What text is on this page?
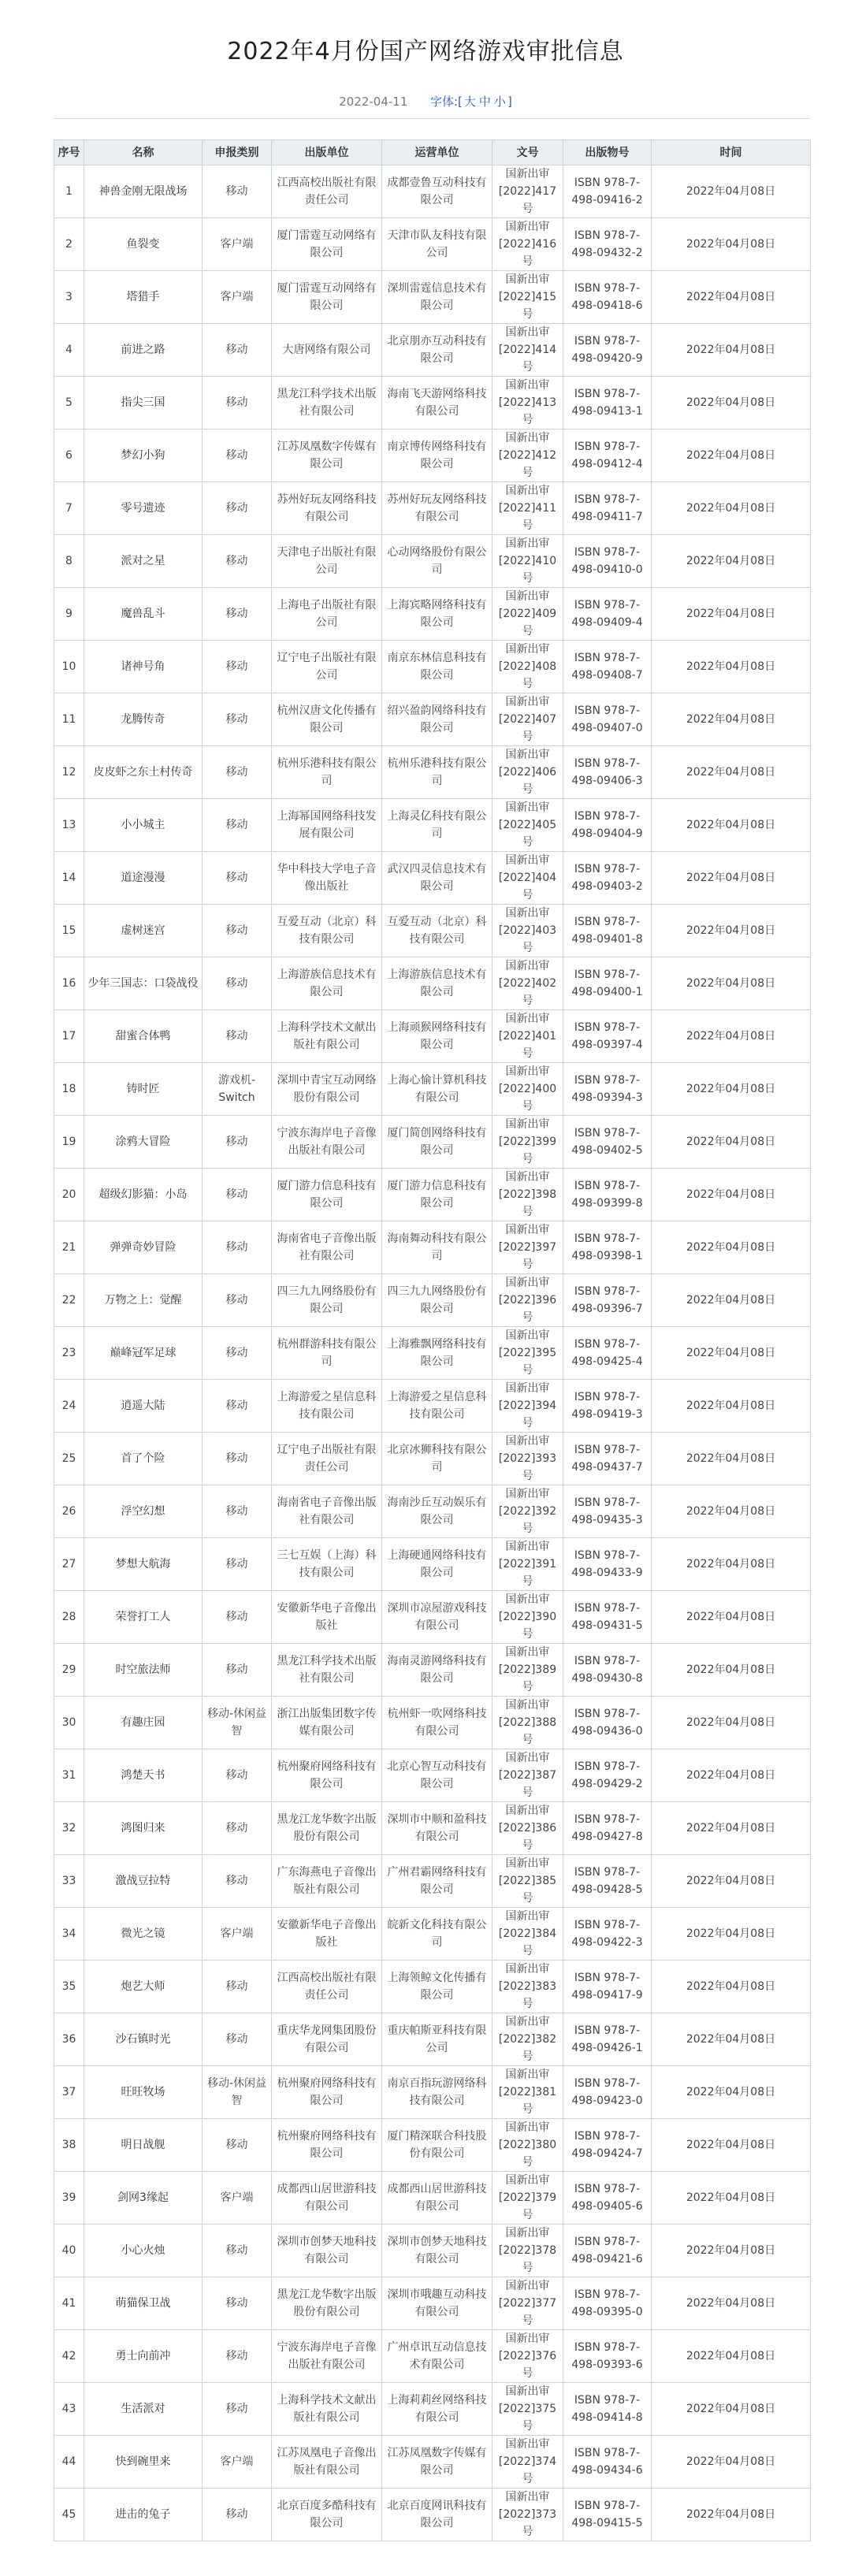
2022年4月份国产网络游戏审批信息
2022-04-11 字体:[ 大 中 小 ]
序号	名称	申报类别	出版单位	运营单位	文号	出版物号	时间
1	神兽金刚无限战场	移动	江西高校出版社有限责任公司	成都壹鲁互动科技有限公司	国新出审[2022]417号	ISBN 978-7-498-09416-2	2022年04月08日
2	鱼裂变	客户端	厦门雷霆互动网络有限公司	天津市队友科技有限公司	国新出审[2022]416号	ISBN 978-7-498-09432-2	2022年04月08日
3	塔猎手	客户端	厦门雷霆互动网络有限公司	深圳雷霆信息技术有限公司	国新出审[2022]415号	ISBN 978-7-498-09418-6	2022年04月08日
4	前进之路	移动	大唐网络有限公司	北京朋亦互动科技有限公司	国新出审[2022]414号	ISBN 978-7-498-09420-9	2022年04月08日
5	指尖三国	移动	黑龙江科学技术出版社有限公司	海南飞天游网络科技有限公司	国新出审[2022]413号	ISBN 978-7-498-09413-1	2022年04月08日
6	梦幻小狗	移动	江苏凤凰数字传媒有限公司	南京博传网络科技有限公司	国新出审[2022]412号	ISBN 978-7-498-09412-4	2022年04月08日
7	零号遗迹	移动	苏州好玩友网络科技有限公司	苏州好玩友网络科技有限公司	国新出审[2022]411号	ISBN 978-7-498-09411-7	2022年04月08日
8	派对之星	移动	天津电子出版社有限公司	心动网络股份有限公司	国新出审[2022]410号	ISBN 978-7-498-09410-0	2022年04月08日
9	魔兽乱斗	移动	上海电子出版社有限公司	上海宾略网络科技有限公司	国新出审[2022]409号	ISBN 978-7-498-09409-4	2022年04月08日
10	诸神号角	移动	辽宁电子出版社有限公司	南京东林信息科技有限公司	国新出审[2022]408号	ISBN 978-7-498-09408-7	2022年04月08日
11	龙腾传奇	移动	杭州汉唐文化传播有限公司	绍兴盈韵网络科技有限公司	国新出审[2022]407号	ISBN 978-7-498-09407-0	2022年04月08日
12	皮皮虾之东土村传奇	移动	杭州乐港科技有限公司	杭州乐港科技有限公司	国新出审[2022]406号	ISBN 978-7-498-09406-3	2022年04月08日
13	小小城主	移动	上海幂国网络科技发展有限公司	上海灵亿科技有限公司	国新出审[2022]405号	ISBN 978-7-498-09404-9	2022年04月08日
14	道途漫漫	移动	华中科技大学电子音像出版社	武汉四灵信息技术有限公司	国新出审[2022]404号	ISBN 978-7-498-09403-2	2022年04月08日
15	虚树迷宫	移动	互爱互动（北京）科技有限公司	互爱互动（北京）科技有限公司	国新出审[2022]403号	ISBN 978-7-498-09401-8	2022年04月08日
16	少年三国志：口袋战役	移动	上海游族信息技术有限公司	上海游族信息技术有限公司	国新出审[2022]402号	ISBN 978-7-498-09400-1	2022年04月08日
17	甜蜜合体鸭	移动	上海科学技术文献出版社有限公司	上海顽猴网络科技有限公司	国新出审[2022]401号	ISBN 978-7-498-09397-4	2022年04月08日
18	铸时匠	游戏机-Switch	深圳中青宝互动网络股份有限公司	上海心愉计算机科技有限公司	国新出审[2022]400号	ISBN 978-7-498-09394-3	2022年04月08日
19	涂鸦大冒险	移动	宁波东海岸电子音像出版社有限公司	厦门简创网络科技有限公司	国新出审[2022]399号	ISBN 978-7-498-09402-5	2022年04月08日
20	超级幻影猫：小岛	移动	厦门游力信息科技有限公司	厦门游力信息科技有限公司	国新出审[2022]398号	ISBN 978-7-498-09399-8	2022年04月08日
21	弹弹奇妙冒险	移动	海南省电子音像出版社有限公司	海南舞动科技有限公司	国新出审[2022]397号	ISBN 978-7-498-09398-1	2022年04月08日
22	万物之上：觉醒	移动	四三九九网络股份有限公司	四三九九网络股份有限公司	国新出审[2022]396号	ISBN 978-7-498-09396-7	2022年04月08日
23	巅峰冠军足球	移动	杭州群游科技有限公司	上海雅飘网络科技有限公司	国新出审[2022]395号	ISBN 978-7-498-09425-4	2022年04月08日
24	逍遥大陆	移动	上海游爱之星信息科技有限公司	上海游爱之星信息科技有限公司	国新出审[2022]394号	ISBN 978-7-498-09419-3	2022年04月08日
25	首了个险	移动	辽宁电子出版社有限责任公司	北京冰狮科技有限公司	国新出审[2022]393号	ISBN 978-7-498-09437-7	2022年04月08日
26	浮空幻想	移动	海南省电子音像出版社有限公司	海南沙丘互动娱乐有限公司	国新出审[2022]392号	ISBN 978-7-498-09435-3	2022年04月08日
27	梦想大航海	移动	三七互娱（上海）科技有限公司	上海硬通网络科技有限公司	国新出审[2022]391号	ISBN 978-7-498-09433-9	2022年04月08日
28	荣誉打工人	移动	安徽新华电子音像出版社	深圳市凉屋游戏科技有限公司	国新出审[2022]390号	ISBN 978-7-498-09431-5	2022年04月08日
29	时空旅法师	移动	黑龙江科学技术出版社有限公司	海南灵游网络科技有限公司	国新出审[2022]389号	ISBN 978-7-498-09430-8	2022年04月08日
30	有趣庄园	移动-休闲益智	浙江出版集团数字传媒有限公司	杭州虾一吹网络科技有限公司	国新出审[2022]388号	ISBN 978-7-498-09436-0	2022年04月08日
31	鸿楚天书	移动	杭州聚府网络科技有限公司	北京心智互动科技有限公司	国新出审[2022]387号	ISBN 978-7-498-09429-2	2022年04月08日
32	鸿图归来	移动	黑龙江龙华数字出版股份有限公司	深圳市中顺和盈科技有限公司	国新出审[2022]386号	ISBN 978-7-498-09427-8	2022年04月08日
33	激战豆拉特	移动	广东海燕电子音像出版社有限公司	广州君霸网络科技有限公司	国新出审[2022]385号	ISBN 978-7-498-09428-5	2022年04月08日
34	微光之镜	客户端	安徽新华电子音像出版社	皖新文化科技有限公司	国新出审[2022]384号	ISBN 978-7-498-09422-3	2022年04月08日
35	炮艺大师	移动	江西高校出版社有限责任公司	上海领鲸文化传播有限公司	国新出审[2022]383号	ISBN 978-7-498-09417-9	2022年04月08日
36	沙石镇时光	移动	重庆华龙网集团股份有限公司	重庆帕斯亚科技有限公司	国新出审[2022]382号	ISBN 978-7-498-09426-1	2022年04月08日
37	旺旺牧场	移动-休闲益智	杭州聚府网络科技有限公司	南京百指玩游网络科技有限公司	国新出审[2022]381号	ISBN 978-7-498-09423-0	2022年04月08日
38	明日战舰	移动	杭州聚府网络科技有限公司	厦门精深联合科技股份有限公司	国新出审[2022]380号	ISBN 978-7-498-09424-7	2022年04月08日
39	剑网3缘起	客户端	成都西山居世游科技有限公司	成都西山居世游科技有限公司	国新出审[2022]379号	ISBN 978-7-498-09405-6	2022年04月08日
40	小心火烛	移动	深圳市创梦天地科技有限公司	深圳市创梦天地科技有限公司	国新出审[2022]378号	ISBN 978-7-498-09421-6	2022年04月08日
41	萌猫保卫战	移动	黑龙江龙华数字出版股份有限公司	深圳市哦趣互动科技有限公司	国新出审[2022]377号	ISBN 978-7-498-09395-0	2022年04月08日
42	勇士向前冲	移动	宁波东海岸电子音像出版社有限公司	广州卓讯互动信息技术有限公司	国新出审[2022]376号	ISBN 978-7-498-09393-6	2022年04月08日
43	生活派对	移动	上海科学技术文献出版社有限公司	上海莉莉丝网络科技有限公司	国新出审[2022]375号	ISBN 978-7-498-09414-8	2022年04月08日
44	快到碗里来	客户端	江苏凤凰电子音像出版社有限公司	江苏凤凰数字传媒有限公司	国新出审[2022]374号	ISBN 978-7-498-09434-6	2022年04月08日
45	进击的兔子	移动	北京百度多酷科技有限公司	北京百度网讯科技有限公司	国新出审[2022]373号	ISBN 978-7-498-09415-5	2022年04月08日
